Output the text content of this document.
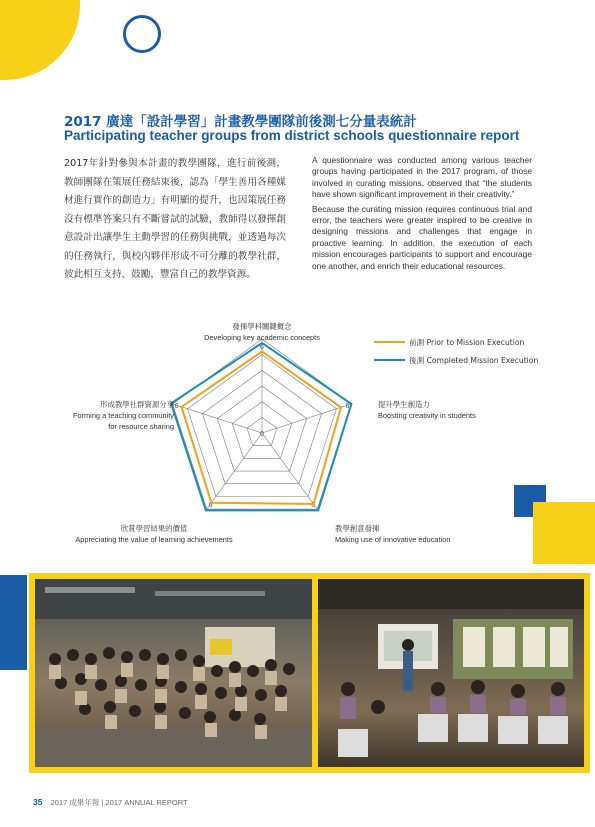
2017 廣達「設計學習」計畫教學團隊前後測七分量表統計
Participating teacher groups from district schools questionnaire report
2017年針對參與本計畫的教學團隊，進行前後測，教師團隊在策展任務結束後，認為「學生善用各種媒材進行實作的創造力」有明顯的提升，也因策展任務沒有標準答案只有不斷嘗試的試驗，教師得以發揮創意設計出讓學生主動學習的任務與挑戰，並透過每次的任務執行，與校內夥伴形成不可分離的教學社群，彼此相互支持、鼓勵，豐富自己的教學資源。

A questionnaire was conducted among various teacher groups having participated in the 2017 program, of those involved in curating missions, observed that “the students have shown significant improvement in their creativity.”

Because the curating mission requires continuous trial and error, the teachers were greater inspired to be creative in designing missions and challenges that engage in proactive learning. In addition, the execution of each mission encourages participants to support and encourage one another, and enrich their educational resources.

0
6
6
6
6
6
發揮學科關鍵概念
Developing key academic concepts
提升學生創造力
Boosting creativity in students
教學創意發揮
Making use of innovative education
欣賞學習結果的價值
Appreciating the value of learning achievements
形成教學社群資源分享
Forming a teaching community
for resource sharing
前測 Prior to Mission Execution
後測 Completed Mission Execution
35 2017 成果年報 | 2017 ANNUAL REPORT
